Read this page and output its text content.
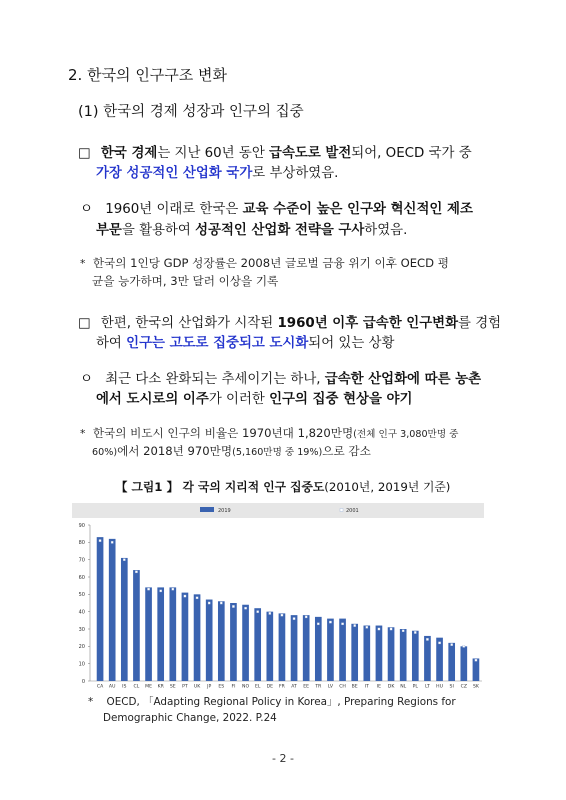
2. 한국의 인구구조 변화
(1) 한국의 경제 성장과 인구의 집중
□ 한국 경제는 지난 60년 동안 급속도로 발전되어, OECD 국가 중
가장 성공적인 산업화 국가로 부상하였음.
ㅇ 1960년 이래로 한국은 교육 수준이 높은 인구와 혁신적인 제조
부문을 활용하여 성공적인 산업화 전략을 구사하였음.
* 한국의 1인당 GDP 성장률은 2008년 글로벌 금융 위기 이후 OECD 평
균을 능가하며, 3만 달러 이상을 기록
□ 한편, 한국의 산업화가 시작된 1960년 이후 급속한 인구변화를 경험
하여 인구는 고도로 집중되고 도시화되어 있는 상황
ㅇ 최근 다소 완화되는 추세이기는 하나, 급속한 산업화에 따른 농촌
에서 도시로의 이주가 이러한 인구의 집중 현상을 야기
* 한국의 비도시 인구의 비율은 1970년대 1,820만명(전체 인구 3,080만명 중
60%)에서 2018년 970만명(5,160만명 중 19%)으로 감소
【 그림1 】 각 국의 지리적 인구 집중도(2010년, 2019년 기준)
2019	2001
0
10
20
30
40
50
60
70
80
90
CA AU IS CL ME KR SE PT UK JP ES FI NO EL DE FR AT EE TR LV CH BE IT IE DK NL PL LT HU SI CZ SK
* OECD, 「Adapting Regional Policy in Korea」, Preparing Regions for
Demographic Change, 2022. P.24
- 2 -
